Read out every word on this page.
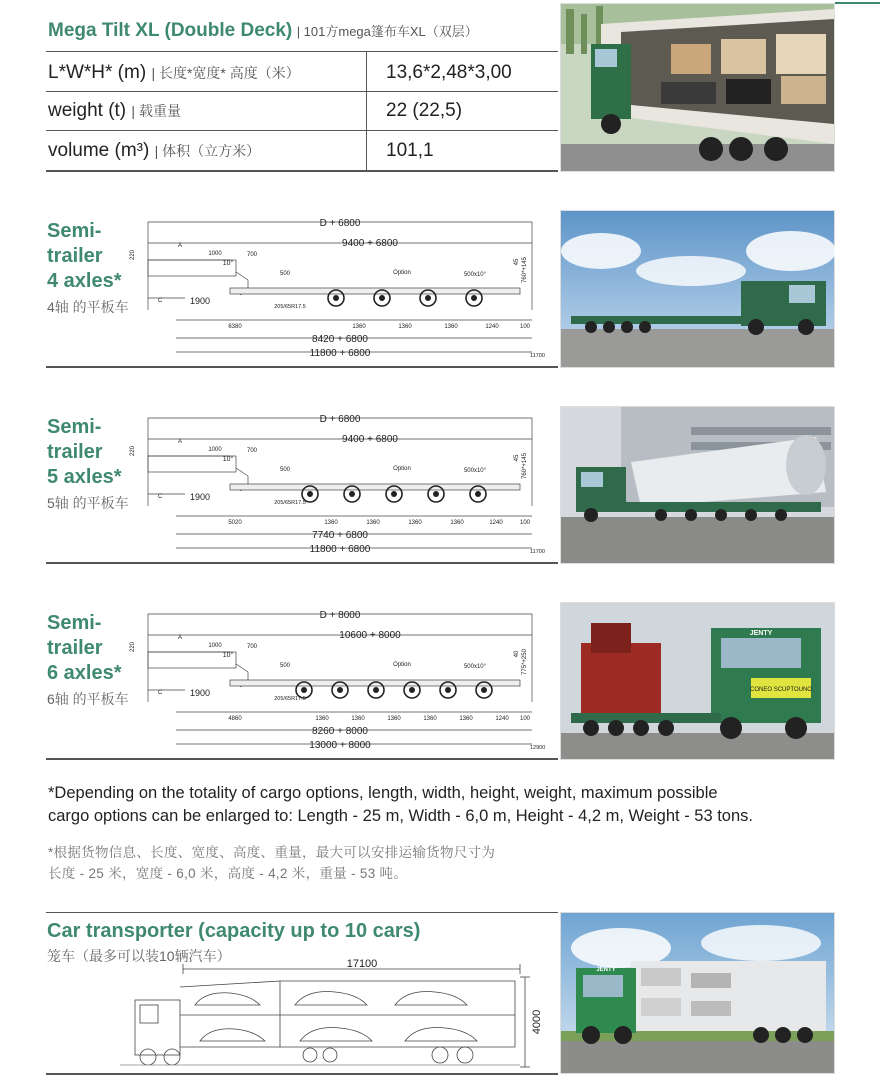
Mega Tilt XL (Double Deck) | 101方mega篷布车XL（双层）
L*W*H* (m) | 长度*宽度* 高度（米）	13,6*2,48*3,00
weight (t) | 载重量	22 (22,5)
volume (m³) | 体积（立方米）	101,1
Semi-
trailer
4 axles*
4轴 的平板车
Semi-
trailer
5 axles*
5轴 的平板车
Semi-
trailer
6 axles*
6轴 的平板车
D + 6800
9400 + 6800
A
C	1900
1000	700
10°
500
220
45 760*+145
Option	500x10°
205/65R17.5
6380	1360	1360	1360	1240	100
8420 + 6800
11800 + 6800	11700
D + 6800
9400 + 6800
A
C	1900
1000	700
10°
500
220
45 760*+145
Option	500x10°
205/65R17.5
5020	1360	1360	1360	1360	1240	100
7740 + 6800
11800 + 6800	11700
D + 8000
10600 + 8000
A
C	1900
1000	700
10°
500
220
40 775*+250
Option	500x10°
205/65R17.5
4860	1360	1360	1360	1360	1360	1240 100
8260 + 8000
13000 + 8000	12900
CONEO SCUPTOUNO
JENTY
*Depending on the totality of cargo options, length, width, height, weight, maximum possible
cargo options can be enlarged to: Length - 25 m, Width - 6,0 m, Height - 4,2 m, Weight - 53 tons.
*根据货物信息、长度、宽度、高度、重量，最大可以安排运输货物尺寸为
长度 - 25 米，宽度 - 6,0 米，高度 - 4,2 米，重量 - 53 吨。
Car transporter (capacity up to 10 cars)
笼车（最多可以装10辆汽车）	17100
4000
JENTY
